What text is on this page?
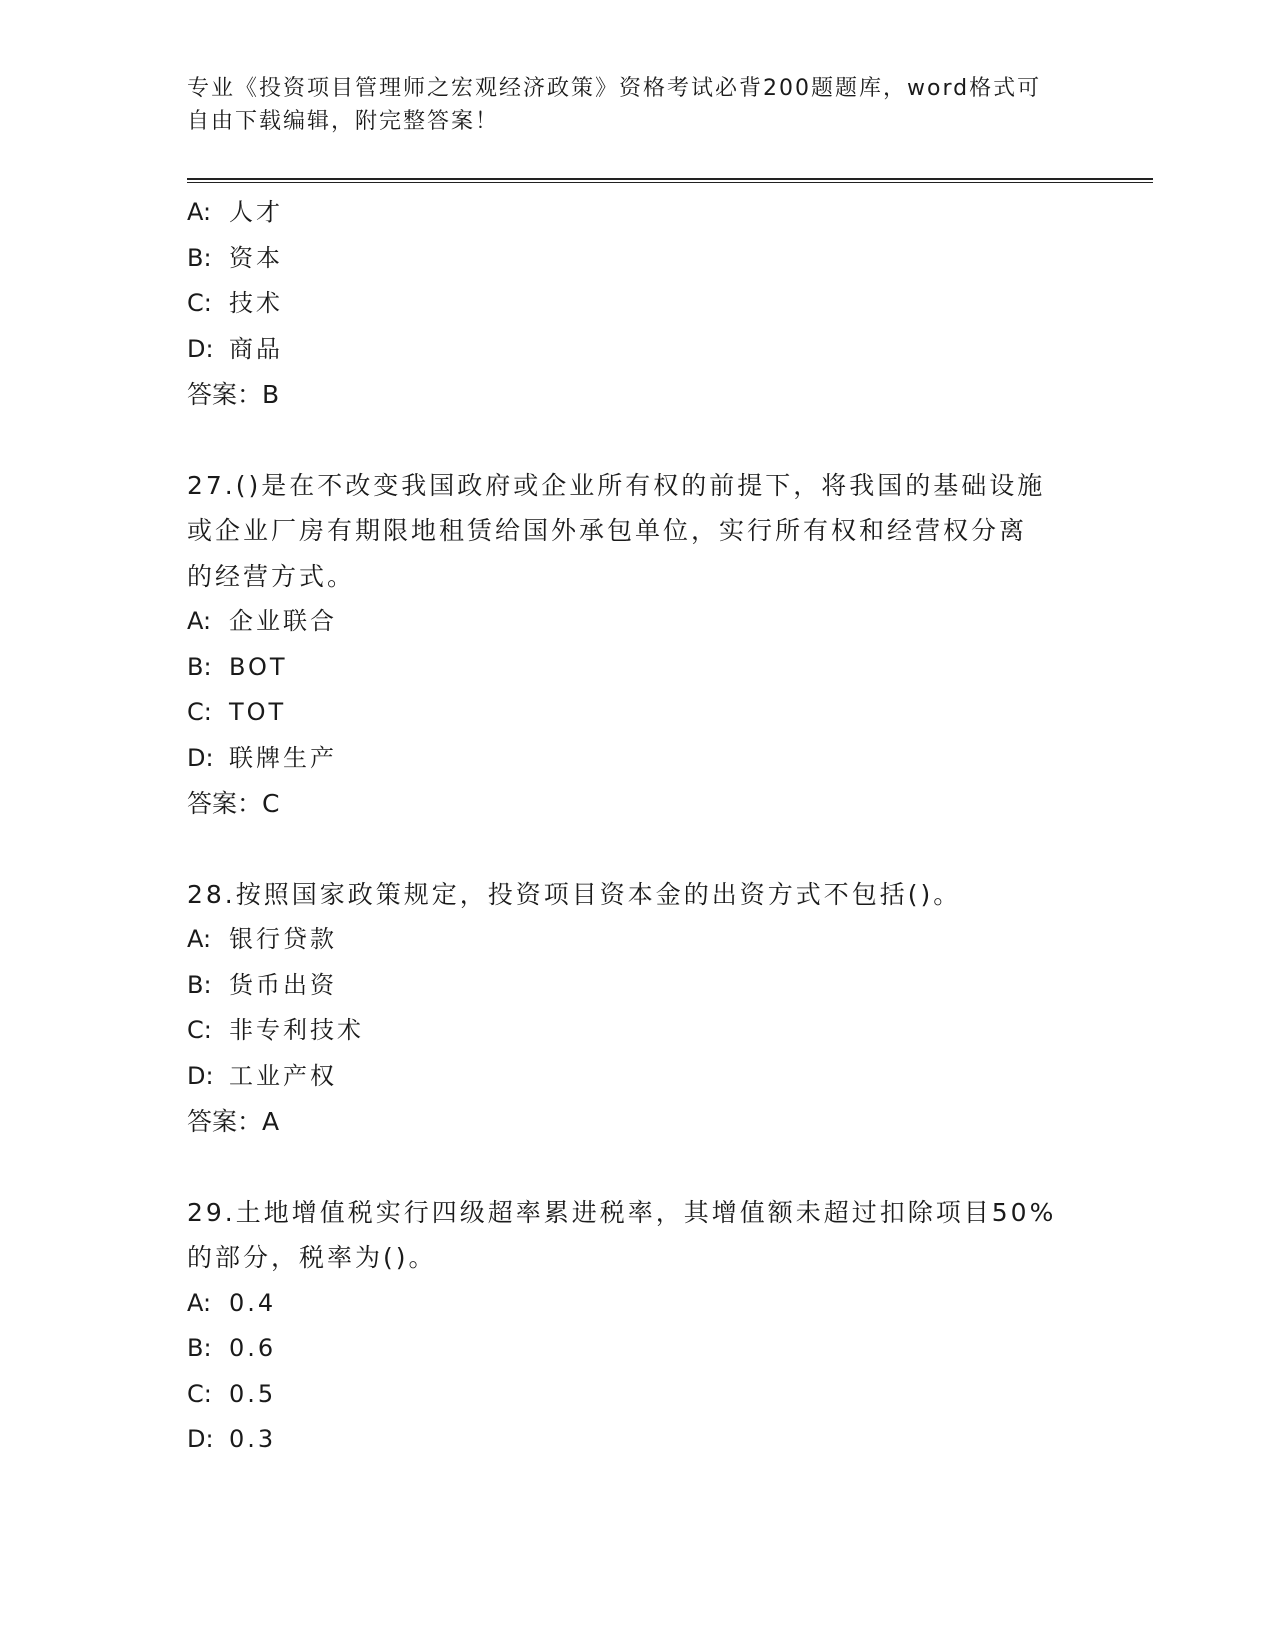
专业《投资项目管理师之宏观经济政策》资格考试必背200题题库，word格式可
自由下载编辑，附完整答案！
A: 人才
B: 资本
C: 技术
D: 商品
答案：B
27.()是在不改变我国政府或企业所有权的前提下，将我国的基础设施
或企业厂房有期限地租赁给国外承包单位，实行所有权和经营权分离
的经营方式。
A: 企业联合
B: BOT
C: TOT
D: 联牌生产
答案：C
28.按照国家政策规定，投资项目资本金的出资方式不包括()。
A: 银行贷款
B: 货币出资
C: 非专利技术
D: 工业产权
答案：A
29.土地增值税实行四级超率累进税率，其增值额未超过扣除项目50%
的部分，税率为()。
A: 0.4
B: 0.6
C: 0.5
D: 0.3
